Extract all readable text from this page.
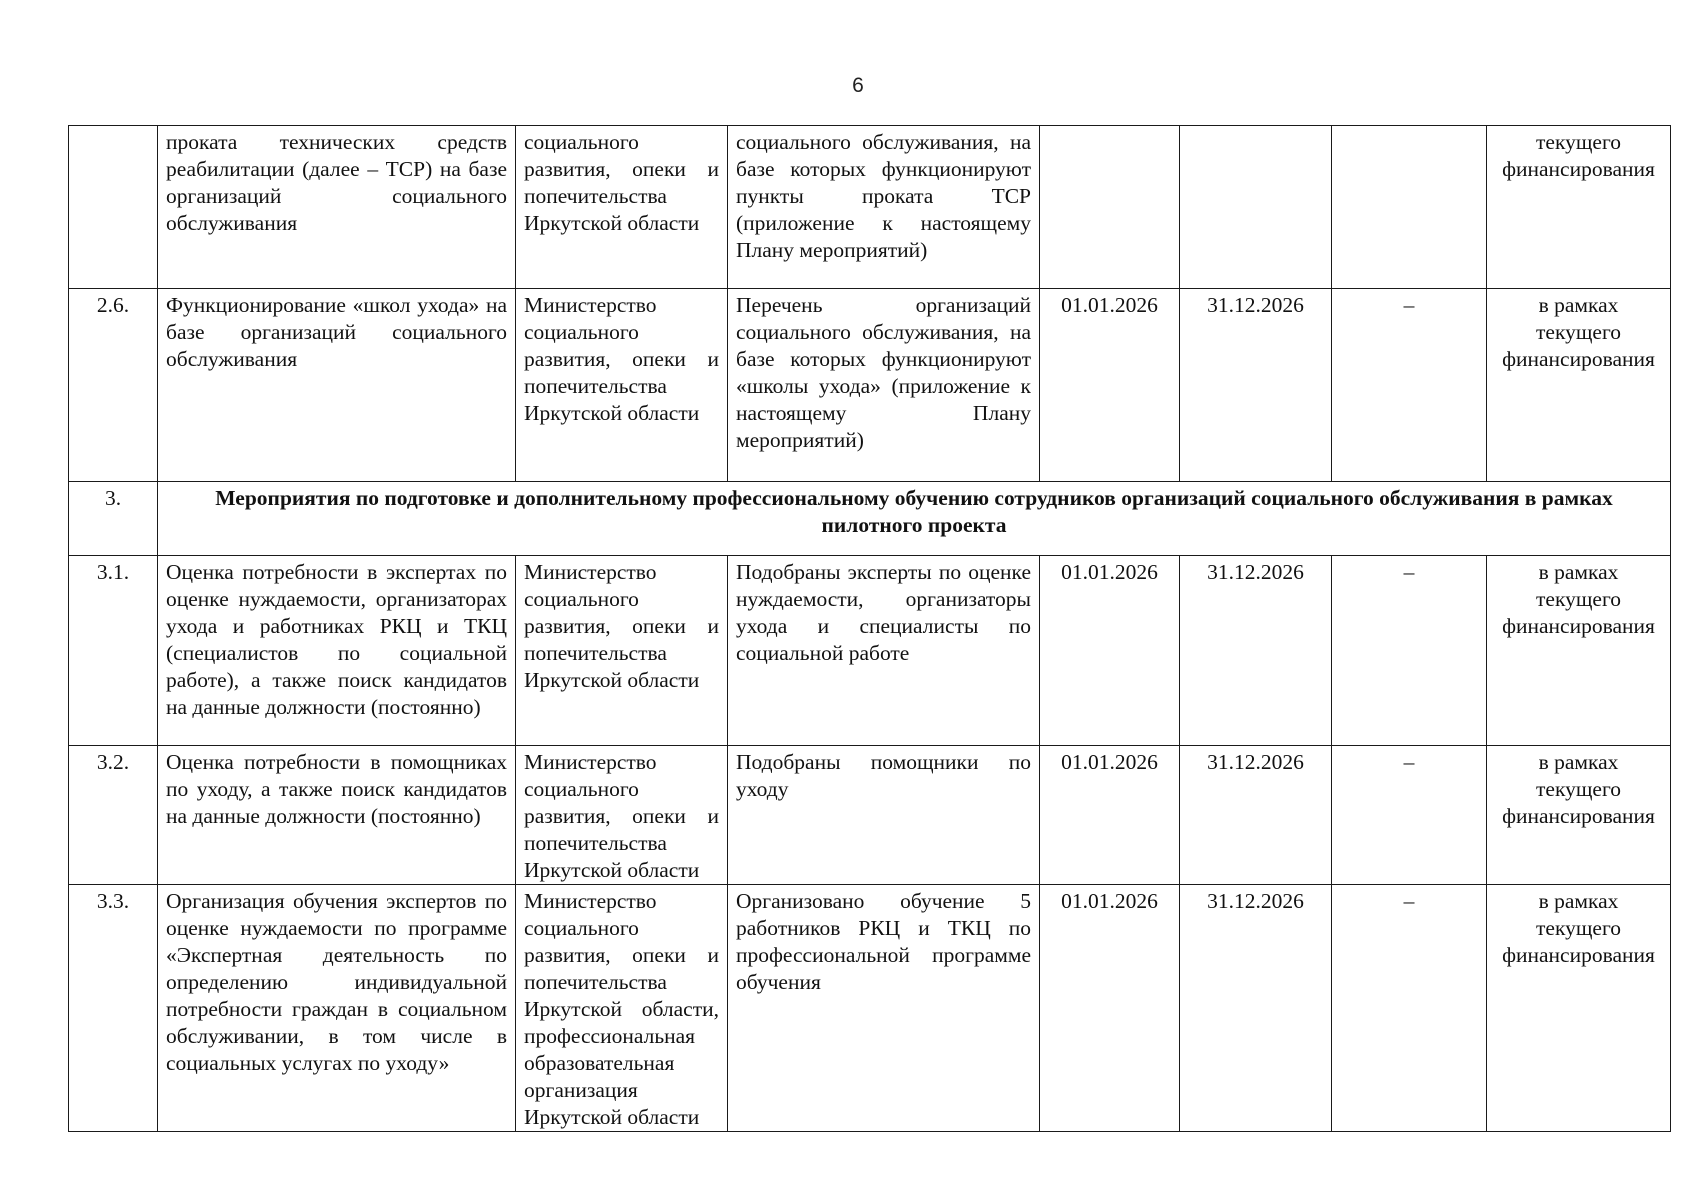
6
	проката технических средств реабилитации (далее – ТСР) на базе организаций социального обслуживания	социального развития, опеки и попечительства Иркутской области	социального обслуживания, на базе которых функционируют пункты проката ТСР (приложение к настоящему Плану мероприятий)				текущего финансирования
2.6.	Функционирование «школ ухода» на базе организаций социального обслуживания	Министерство социального развития, опеки и попечительства Иркутской области	Перечень организаций социального обслуживания, на базе которых функционируют «школы ухода» (приложение к настоящему Плану мероприятий)	01.01.2026	31.12.2026	–	в рамках текущего финансирования
3.	Мероприятия по подготовке и дополнительному профессиональному обучению сотрудников организаций социального обслуживания в рамках пилотного проекта						
3.1.	Оценка потребности в экспертах по оценке нуждаемости, организаторах ухода и работниках РКЦ и ТКЦ (специалистов по социальной работе), а также поиск кандидатов на данные должности (постоянно)	Министерство социального развития, опеки и попечительства Иркутской области	Подобраны эксперты по оценке нуждаемости, организаторы ухода и специалисты по социальной работе	01.01.2026	31.12.2026	–	в рамках текущего финансирования
3.2.	Оценка потребности в помощниках по уходу, а также поиск кандидатов на данные должности (постоянно)	Министерство социального развития, опеки и попечительства Иркутской области	Подобраны помощники по уходу	01.01.2026	31.12.2026	–	в рамках текущего финансирования
3.3.	Организация обучения экспертов по оценке нуждаемости по программе «Экспертная деятельность по определению индивидуальной потребности граждан в социальном обслуживании, в том числе в социальных услугах по уходу»	Министерство социального развития, опеки и попечительства Иркутской области, профессиональная образовательная организация Иркутской области	Организовано обучение 5 работников РКЦ и ТКЦ по профессиональной программе обучения	01.01.2026	31.12.2026	–	в рамках текущего финансирования
